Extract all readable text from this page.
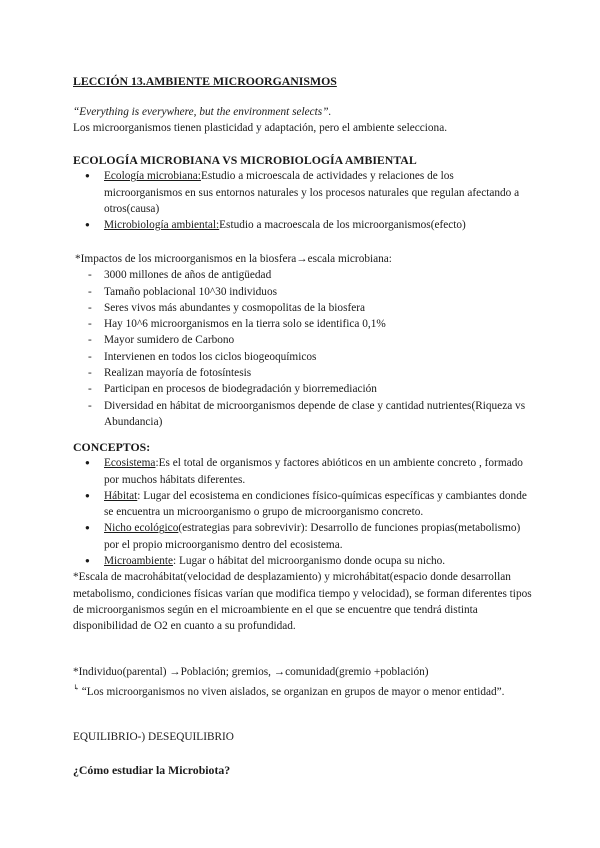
LECCIÓN 13.AMBIENTE MICROORGANISMOS
“Everything is everywhere, but the environment selects”.
Los microorganismos tienen plasticidad y adaptación, pero el ambiente selecciona.
ECOLOGÍA MICROBIANA VS MICROBIOLOGÍA AMBIENTAL
● Ecología microbiana:Estudio a microescala de actividades y relaciones de los microorganismos en sus entornos naturales y los procesos naturales que regulan afectando a otros(causa)
● Microbiología ambiental:Estudio a macroescala de los microorganismos(efecto)
*Impactos de los microorganismos en la biosfera→escala microbiana:
- 3000 millones de años de antigüedad
- Tamaño poblacional 10^30 individuos
- Seres vivos más abundantes y cosmopolitas de la biosfera
- Hay 10^6 microorganismos en la tierra solo se identifica 0,1%
- Mayor sumidero de Carbono
- Intervienen en todos los ciclos biogeoquímicos
- Realizan mayoría de fotosíntesis
- Participan en procesos de biodegradación y biorremediación
- Diversidad en hábitat de microorganismos depende de clase y cantidad nutrientes(Riqueza vs Abundancia)
CONCEPTOS:
● Ecosistema:Es el total de organismos y factores abióticos en un ambiente concreto , formado por muchos hábitats diferentes.
● Hábitat: Lugar del ecosistema en condiciones físico-químicas específicas y cambiantes donde se encuentra un microorganismo o grupo de microorganismo concreto.
● Nicho ecológico(estrategias para sobrevivir): Desarrollo de funciones propias(metabolismo) por el propio microorganismo dentro del ecosistema.
● Microambiente: Lugar o hábitat del microorganismo donde ocupa su nicho.
*Escala de macrohábitat(velocidad de desplazamiento) y microhábitat(espacio donde desarrollan metabolismo, condiciones físicas varían que modifica tiempo y velocidad), se forman diferentes tipos de microorganismos según en el microambiente en el que se encuentre que tendrá distinta disponibilidad de O2 en cuanto a su profundidad.
*Individuo(parental) →Población; gremios, →comunidad(gremio +población)
↳ “Los microorganismos no viven aislados, se organizan en grupos de mayor o menor entidad”.
EQUILIBRIO-) DESEQUILIBRIO
¿Cómo estudiar la Microbiota?
